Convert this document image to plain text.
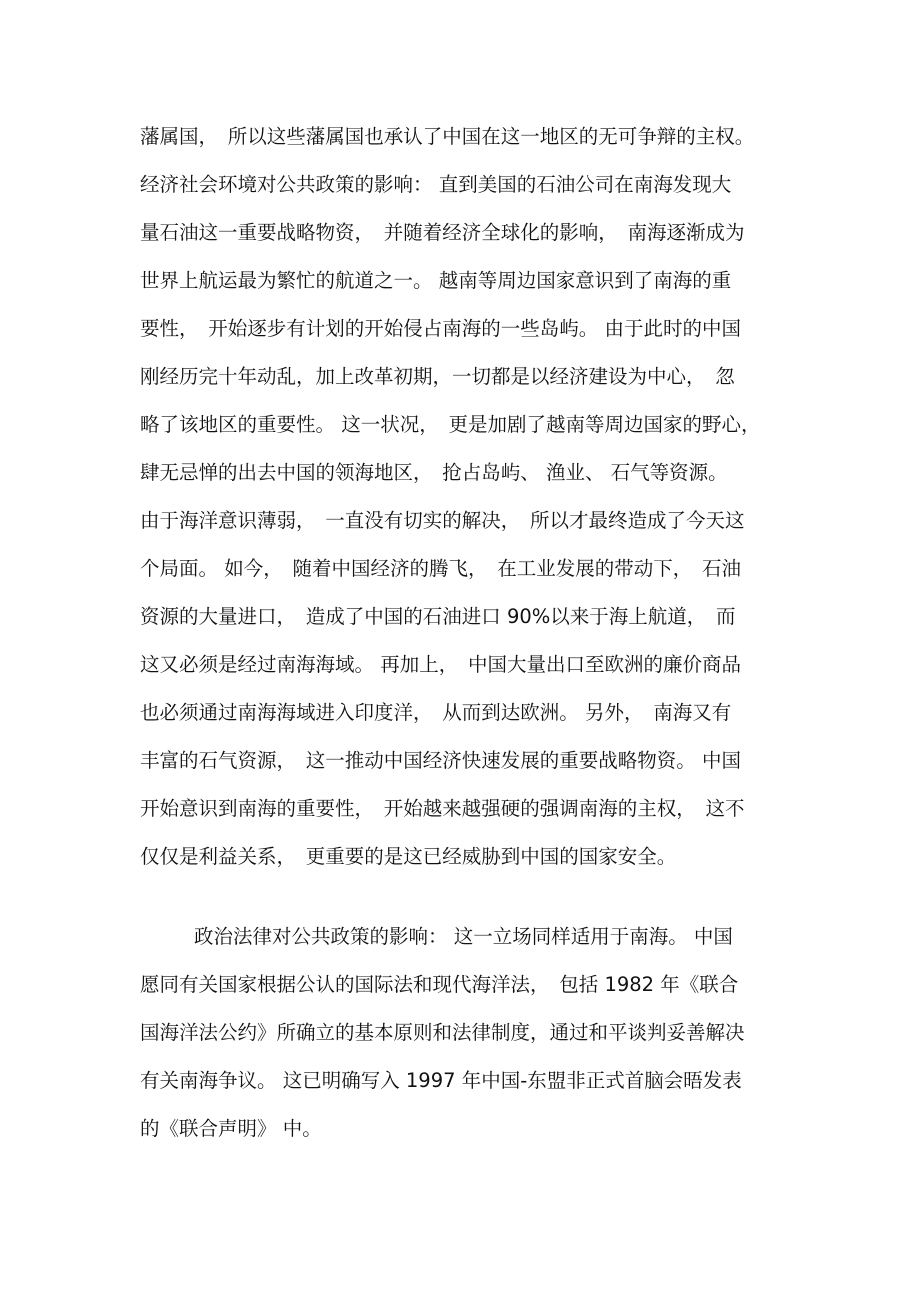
藩属国，　所以这些藩属国也承认了中国在这一地区的无可争辩的主权。
经济社会环境对公共政策的影响： 直到美国的石油公司在南海发现大
量石油这一重要战略物资，　并随着经济全球化的影响，　南海逐渐成为
世界上航运最为繁忙的航道之一。 越南等周边国家意识到了南海的重
要性，　开始逐步有计划的开始侵占南海的一些岛屿。 由于此时的中国
刚经历完十年动乱，加上改革初期，一切都是以经济建设为中心，　忽
略了该地区的重要性。 这一状况，　更是加剧了越南等周边国家的野心，
肆无忌惮的出去中国的领海地区，　抢占岛屿、 渔业、 石气等资源。
由于海洋意识薄弱，　一直没有切实的解决，　所以才最终造成了今天这
个局面。 如今，　随着中国经济的腾飞，　在工业发展的带动下，　石油
资源的大量进口，　造成了中国的石油进口 90%以来于海上航道，　而
这又必须是经过南海海域。 再加上，　中国大量出口至欧洲的廉价商品
也必须通过南海海域进入印度洋，　从而到达欧洲。 另外，　南海又有
丰富的石气资源，　这一推动中国经济快速发展的重要战略物资。 中国
开始意识到南海的重要性，　开始越来越强硬的强调南海的主权，　这不
仅仅是利益关系，　更重要的是这已经威胁到中国的国家安全。
政治法律对公共政策的影响： 这一立场同样适用于南海。 中国
愿同有关国家根据公认的国际法和现代海洋法，　包括 1982 年《联合
国海洋法公约》所确立的基本原则和法律制度，通过和平谈判妥善解决
有关南海争议。 这已明确写入 1997 年中国-东盟非正式首脑会晤发表
的《联合声明》 中。
